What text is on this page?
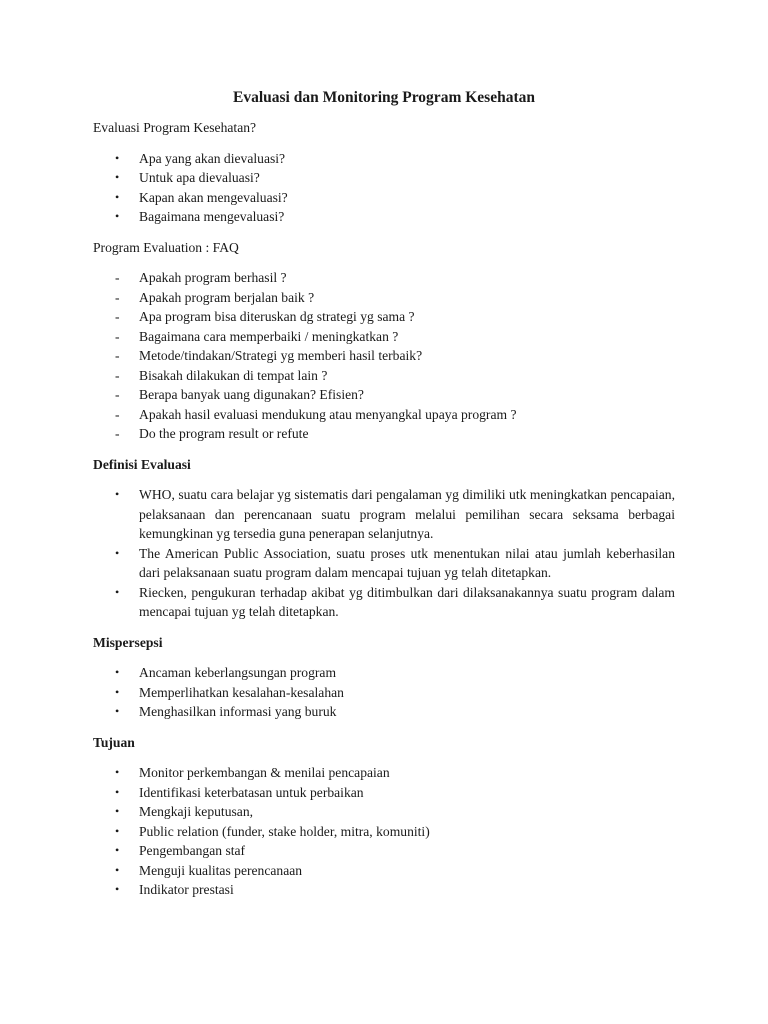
Evaluasi dan Monitoring Program Kesehatan
Evaluasi Program Kesehatan?
•	Apa yang akan dievaluasi?
•	Untuk apa dievaluasi?
•	Kapan akan mengevaluasi?
•	Bagaimana mengevaluasi?
Program Evaluation : FAQ
-	Apakah program berhasil ?
-	Apakah program berjalan baik ?
-	Apa program bisa diteruskan dg strategi yg sama ?
-	Bagaimana cara memperbaiki / meningkatkan ?
-	Metode/tindakan/Strategi yg memberi hasil terbaik?
-	Bisakah dilakukan di tempat lain ?
-	Berapa banyak uang digunakan? Efisien?
-	Apakah hasil evaluasi mendukung atau menyangkal upaya program ?
-	Do the program result or refute
Definisi Evaluasi
•	WHO, suatu cara belajar yg sistematis dari pengalaman yg dimiliki utk meningkatkan pencapaian, pelaksanaan dan perencanaan suatu program melalui pemilihan secara seksama berbagai kemungkinan yg tersedia guna penerapan selanjutnya.
•	The American Public Association, suatu proses utk menentukan nilai atau jumlah keberhasilan dari pelaksanaan suatu program dalam mencapai tujuan yg telah ditetapkan.
•	Riecken, pengukuran terhadap akibat yg ditimbulkan dari dilaksanakannya suatu program dalam mencapai tujuan yg telah ditetapkan.
Mispersepsi
•	Ancaman keberlangsungan program
•	Memperlihatkan kesalahan-kesalahan
•	Menghasilkan informasi yang buruk
Tujuan
•	Monitor perkembangan & menilai pencapaian
•	Identifikasi keterbatasan untuk perbaikan
•	Mengkaji keputusan,
•	Public relation (funder, stake holder, mitra, komuniti)
•	Pengembangan staf
•	Menguji kualitas perencanaan
•	Indikator prestasi
